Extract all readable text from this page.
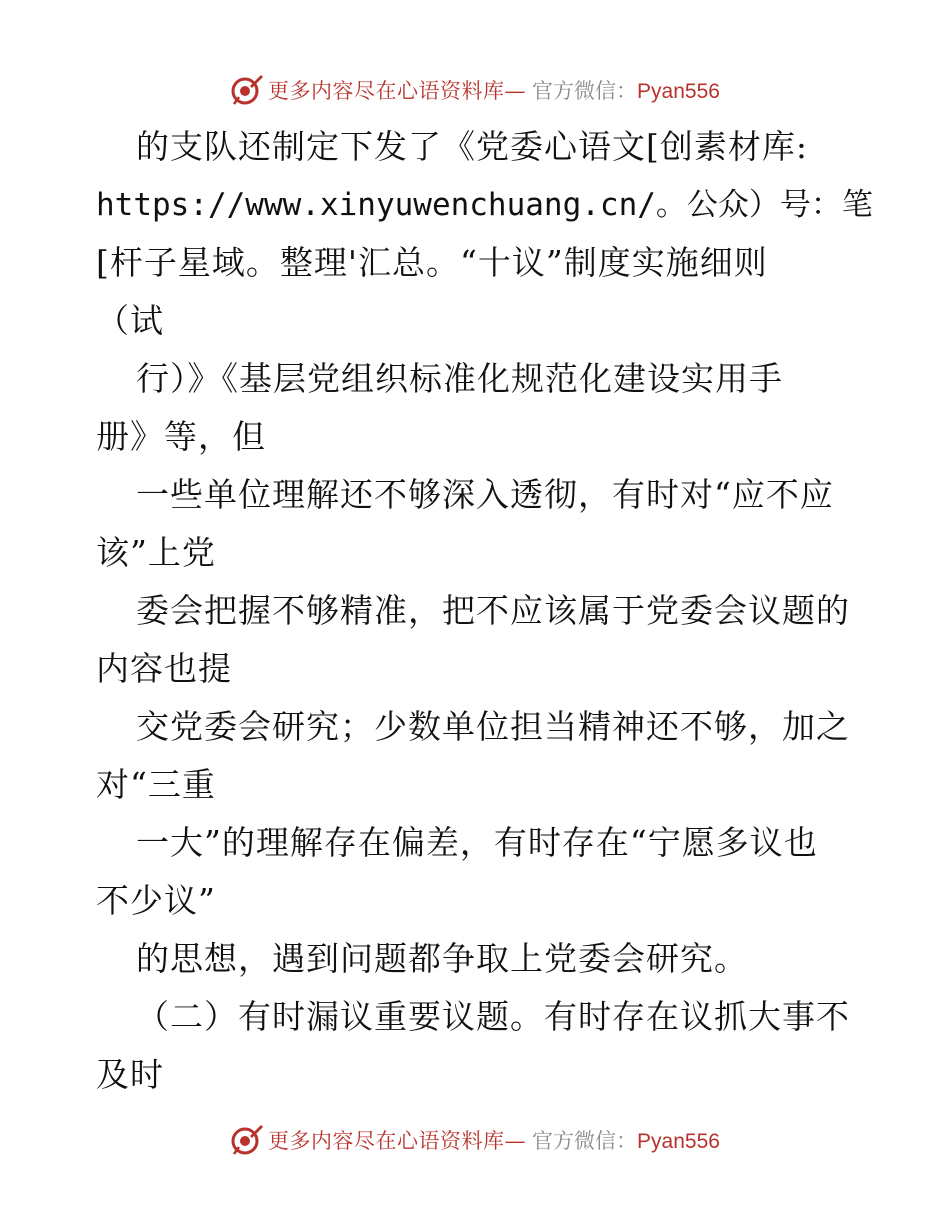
更多内容尽在心语资料库— 官方微信：Pyan556
的支队还制定下发了《党委心语文[创素材库:
https://www.xinyuwenchuang.cn/。公众）号：笔
[杆子星域。整理'汇总。“十议”制度实施细则
（试
行）》《基层党组织标准化规范化建设实用手
册》等，但
一些单位理解还不够深入透彻，有时对“应不应
该”上党
委会把握不够精准，把不应该属于党委会议题的
内容也提
交党委会研究；少数单位担当精神还不够，加之
对“三重
一大”的理解存在偏差，有时存在“宁愿多议也
不少议”
的思想，遇到问题都争取上党委会研究。
（二）有时漏议重要议题。有时存在议抓大事不
及时
更多内容尽在心语资料库— 官方微信：Pyan556
